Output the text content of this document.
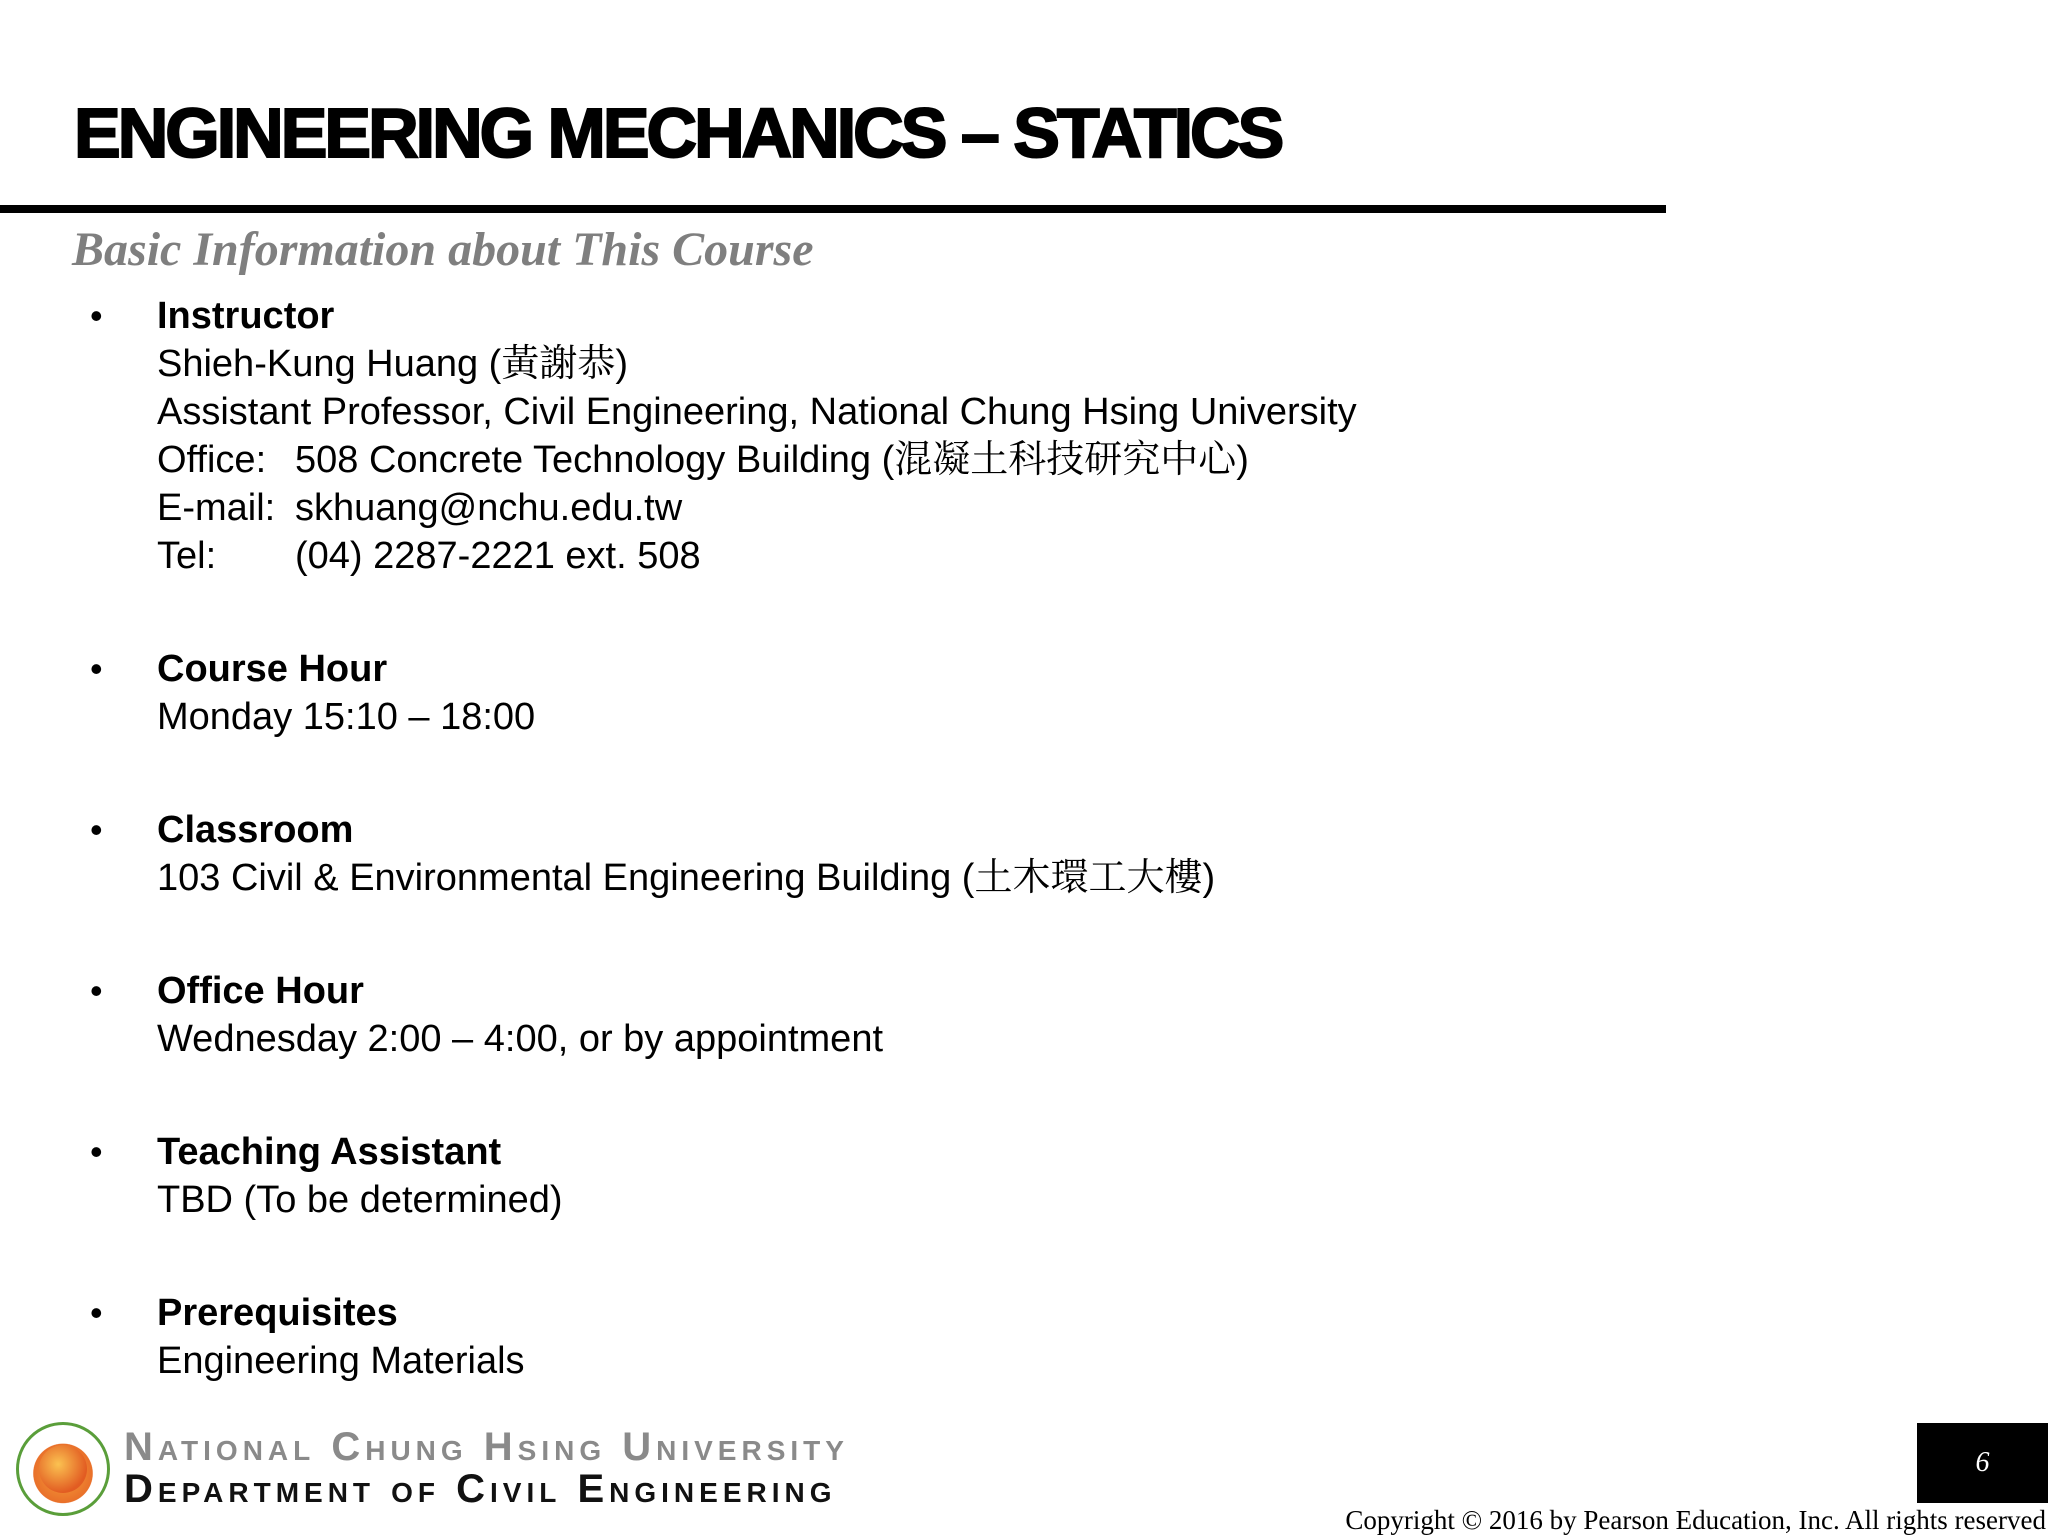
ENGINEERING MECHANICS – STATICS
Basic Information about This Course
• Instructor
Shieh-Kung Huang (黃謝恭)
Assistant Professor, Civil Engineering, National Chung Hsing University
Office: 508 Concrete Technology Building (混凝土科技研究中心)
E-mail: skhuang@nchu.edu.tw
Tel: (04) 2287-2221 ext. 508
• Course Hour
Monday 15:10 – 18:00
• Classroom
103 Civil & Environmental Engineering Building (土木環工大樓)
• Office Hour
Wednesday 2:00 – 4:00, or by appointment
• Teaching Assistant
TBD (To be determined)
• Prerequisites
Engineering Materials
National Chung Hsing University
Department of Civil Engineering
6
Copyright © 2016 by Pearson Education, Inc. All rights reserved
